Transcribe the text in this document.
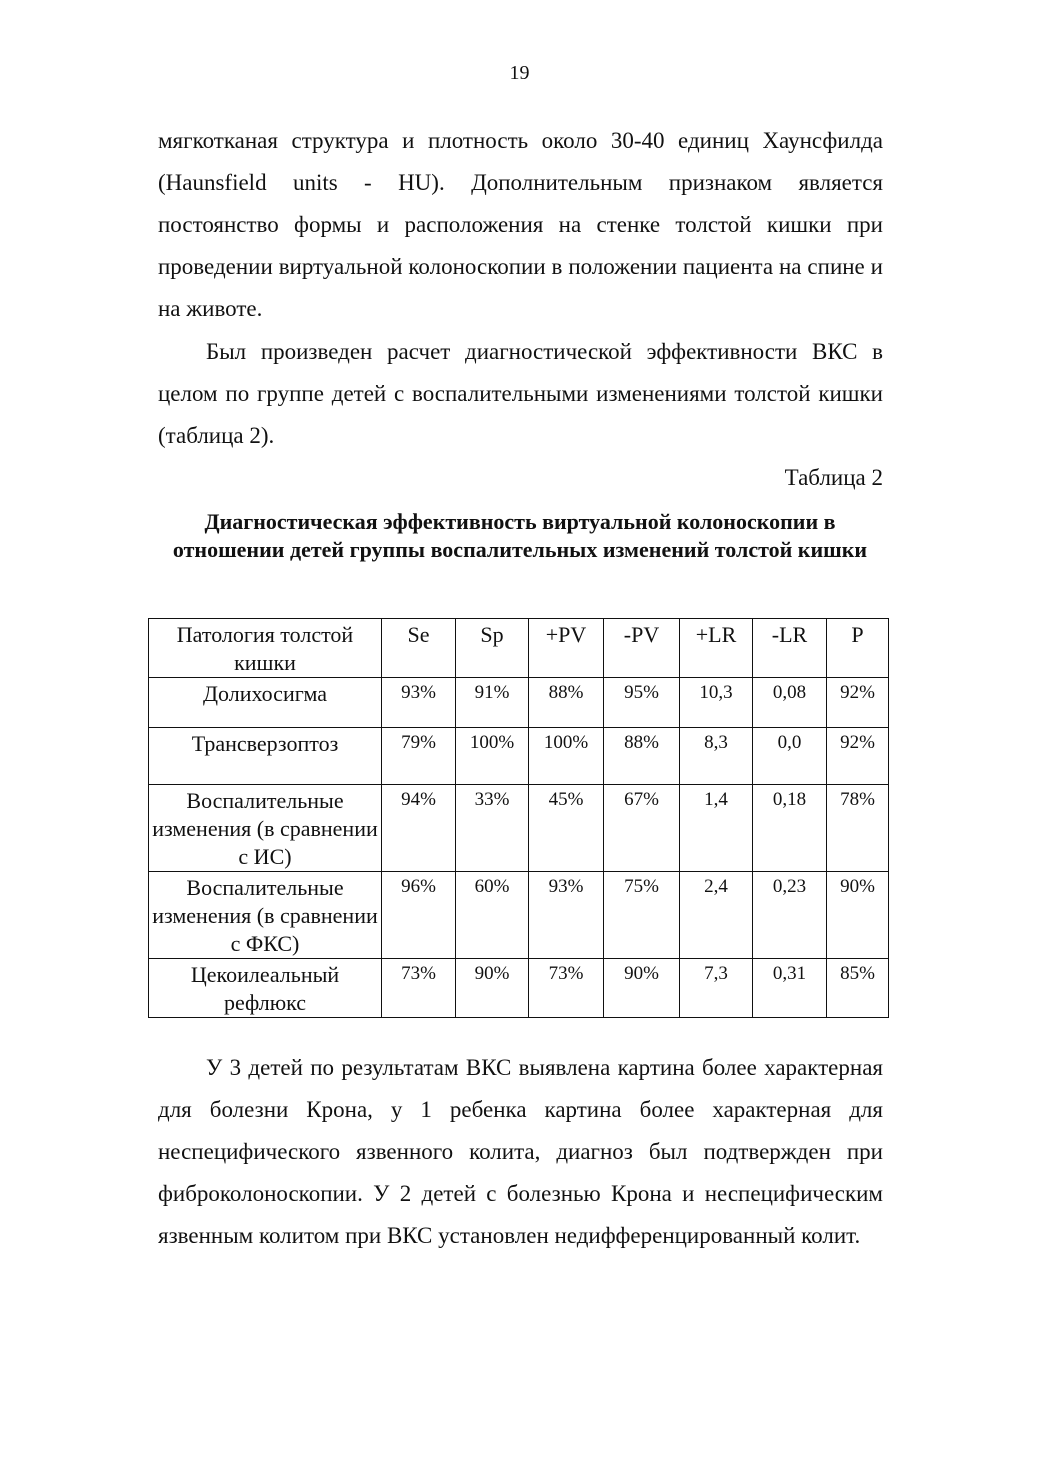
19

мягкотканая структура и плотность около 30-40 единиц Хаунсфилда (Haunsfield units - HU). Дополнительным признаком является постоянство формы и расположения на стенке толстой кишки при проведении виртуальной колоноскопии в положении пациента на спине и на животе.

Был произведен расчет диагностической эффективности ВКС в целом по группе детей с воспалительными изменениями толстой кишки (таблица 2).

Таблица 2

Диагностическая эффективность виртуальной колоноскопии в отношении детей группы воспалительных изменений толстой кишки

Патология толстой кишки	Se	Sp	+PV	-PV	+LR	-LR	P
Долихосигма	93%	91%	88%	95%	10,3	0,08	92%
Трансверзоптоз	79%	100%	100%	88%	8,3	0,0	92%
Воспалительные изменения (в сравнении с ИС)	94%	33%	45%	67%	1,4	0,18	78%
Воспалительные изменения (в сравнении с ФКС)	96%	60%	93%	75%	2,4	0,23	90%
Цекоилеальный рефлюкс	73%	90%	73%	90%	7,3	0,31	85%

У 3 детей по результатам ВКС выявлена картина более характерная для болезни Крона, у 1 ребенка картина более характерная для неспецифического язвенного колита, диагноз был подтвержден при фиброколоноскопии. У 2 детей с болезнью Крона и неспецифическим язвенным колитом при ВКС установлен недифференцированный колит.
